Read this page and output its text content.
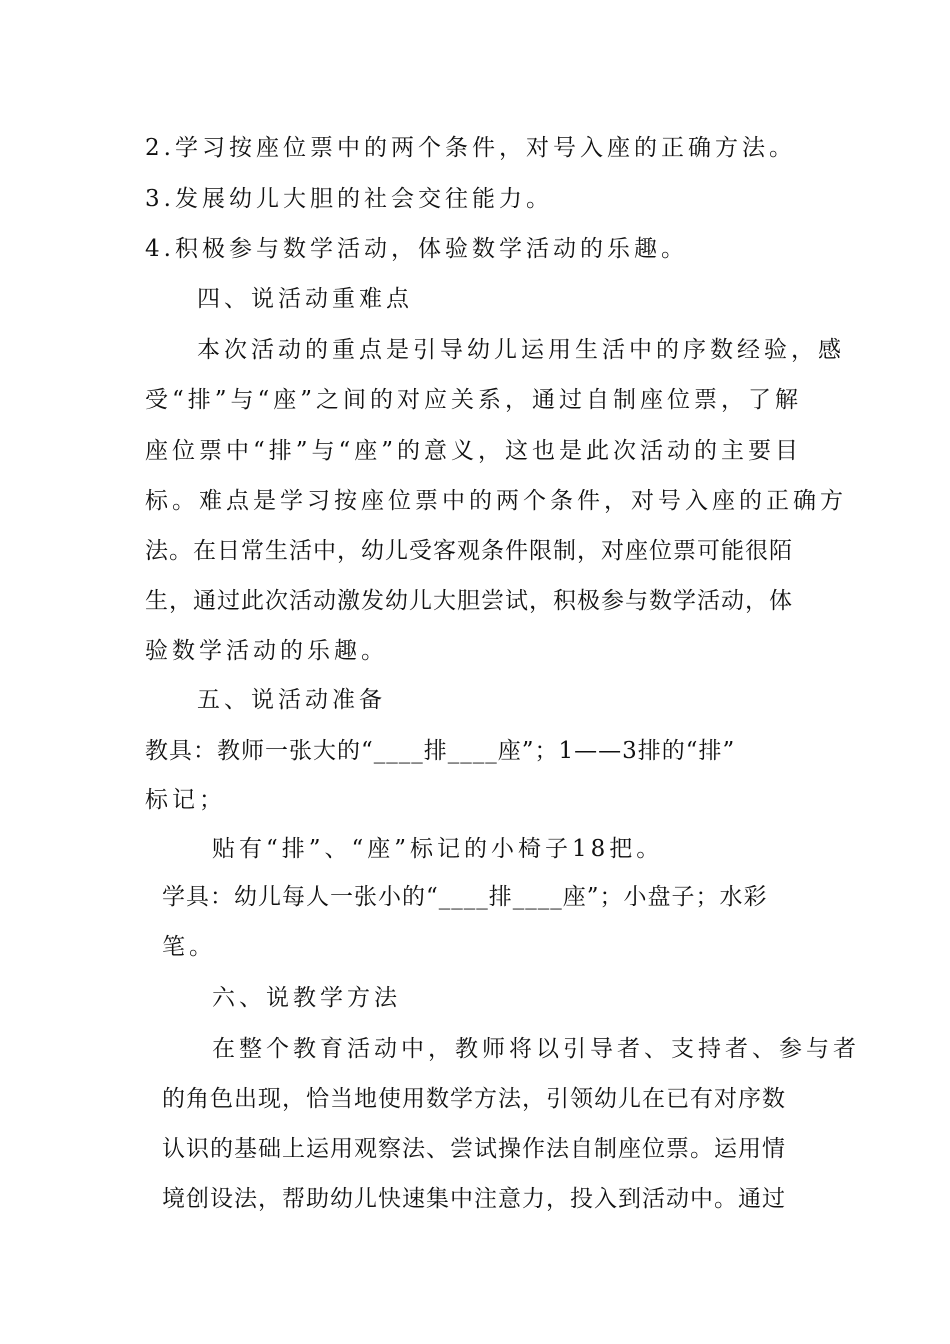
2.学习按座位票中的两个条件，对号入座的正确方法。
3.发展幼儿大胆的社会交往能力。
4.积极参与数学活动，体验数学活动的乐趣。
四、说活动重难点
本次活动的重点是引导幼儿运用生活中的序数经验，感
受“排”与“座”之间的对应关系，通过自制座位票，了解
座位票中“排”与“座”的意义，这也是此次活动的主要目
标。难点是学习按座位票中的两个条件，对号入座的正确方
法。在日常生活中，幼儿受客观条件限制，对座位票可能很陌
生，通过此次活动激发幼儿大胆尝试，积极参与数学活动，体
验数学活动的乐趣。
五、说活动准备
教具：教师一张大的“____排____座”；1——3排的“排”
标记；
贴有“排”、“座”标记的小椅子18把。
学具：幼儿每人一张小的“____排____座”；小盘子；水彩
笔。
六、说教学方法
在整个教育活动中，教师将以引导者、支持者、参与者
的角色出现，恰当地使用数学方法，引领幼儿在已有对序数
认识的基础上运用观察法、尝试操作法自制座位票。运用情
境创设法，帮助幼儿快速集中注意力，投入到活动中。通过
